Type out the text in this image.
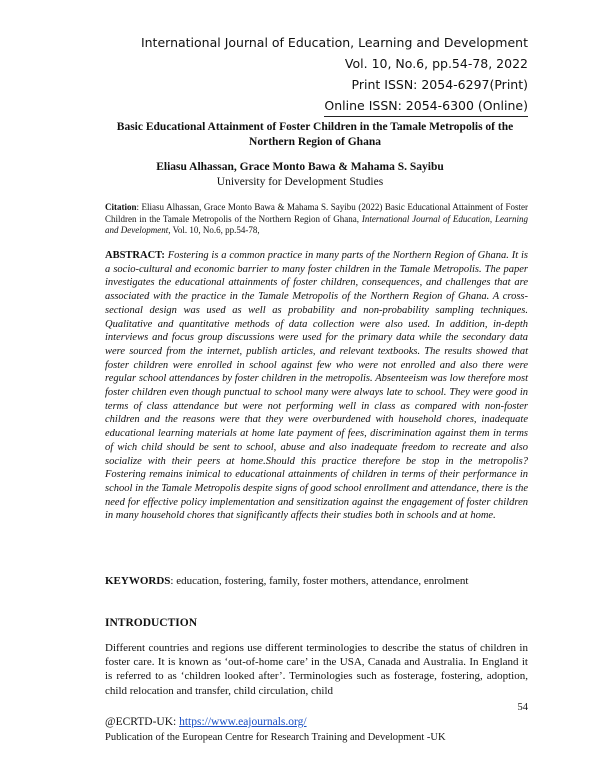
International Journal of Education, Learning and Development
Vol. 10, No.6, pp.54-78, 2022
Print ISSN: 2054-6297(Print)
Online ISSN: 2054-6300 (Online)
Basic Educational Attainment of Foster Children in the Tamale Metropolis of the Northern Region of Ghana
Eliasu Alhassan, Grace Monto Bawa & Mahama S. Sayibu
University for Development Studies
Citation: Eliasu Alhassan, Grace Monto Bawa & Mahama S. Sayibu (2022) Basic Educational Attainment of Foster Children in the Tamale Metropolis of the Northern Region of Ghana, International Journal of Education, Learning and Development, Vol. 10, No.6, pp.54-78,
ABSTRACT: Fostering is a common practice in many parts of the Northern Region of Ghana. It is a socio-cultural and economic barrier to many foster children in the Tamale Metropolis. The paper investigates the educational attainments of foster children, consequences, and challenges that are associated with the practice in the Tamale Metropolis of the Northern Region of Ghana. A cross-sectional design was used as well as probability and non-probability sampling techniques. Qualitative and quantitative methods of data collection were also used. In addition, in-depth interviews and focus group discussions were used for the primary data while the secondary data were sourced from the internet, publish articles, and relevant textbooks. The results showed that foster children were enrolled in school against few who were not enrolled and also there were regular school attendances by foster children in the metropolis. Absenteeism was low therefore most foster children even though punctual to school many were always late to school. They were good in terms of class attendance but were not performing well in class as compared with non-foster children and the reasons were that they were overburdened with household chores, inadequate educational learning materials at home late payment of fees, discrimination against them in terms of wich child should be sent to school, abuse and also inadequate freedom to recreate and also socialize with their peers at home.Should this practice therefore be stop in the metropolis? Fostering remains inimical to educational attainments of children in terms of their performance in school in the Tamale Metropolis despite signs of good school enrollment and attendance, there is the need for effective policy implementation and sensitization against the engagement of foster children in many household chores that significantly affects their studies both in schools and at home.
KEYWORDS: education, fostering, family, foster mothers, attendance, enrolment
INTRODUCTION
Different countries and regions use different terminologies to describe the status of children in foster care. It is known as ‘out-of-home care’ in the USA, Canada and Australia. In England it is referred to as ‘children looked after’. Terminologies such as fosterage, fostering, adoption, child relocation and transfer, child circulation, child
54
@ECRTD-UK: https://www.eajournals.org/
Publication of the European Centre for Research Training and Development -UK
